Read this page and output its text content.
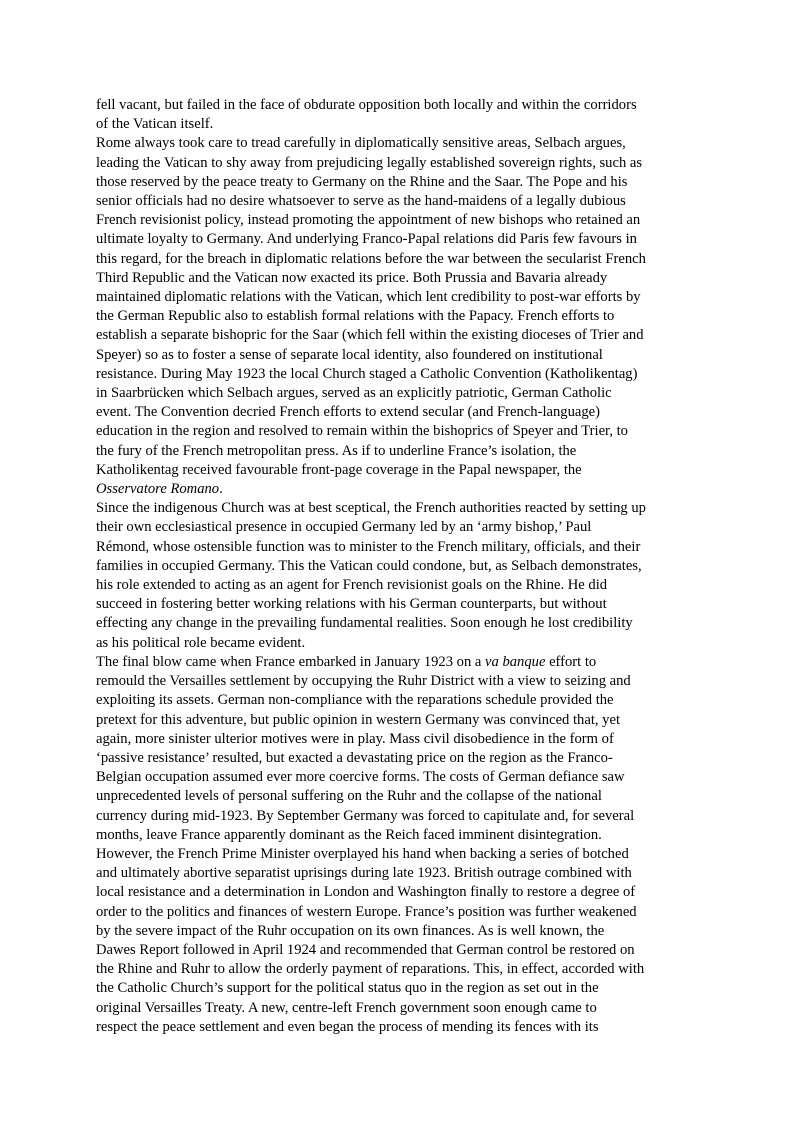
fell vacant, but failed in the face of obdurate opposition both locally and within the corridors
of the Vatican itself.
Rome always took care to tread carefully in diplomatically sensitive areas, Selbach argues,
leading the Vatican to shy away from prejudicing legally established sovereign rights, such as
those reserved by the peace treaty to Germany on the Rhine and the Saar. The Pope and his
senior officials had no desire whatsoever to serve as the hand-maidens of a legally dubious
French revisionist policy, instead promoting the appointment of new bishops who retained an
ultimate loyalty to Germany. And underlying Franco-Papal relations did Paris few favours in
this regard, for the breach in diplomatic relations before the war between the secularist French
Third Republic and the Vatican now exacted its price. Both Prussia and Bavaria already
maintained diplomatic relations with the Vatican, which lent credibility to post-war efforts by
the German Republic also to establish formal relations with the Papacy. French efforts to
establish a separate bishopric for the Saar (which fell within the existing dioceses of Trier and
Speyer) so as to foster a sense of separate local identity, also foundered on institutional
resistance. During May 1923 the local Church staged a Catholic Convention (Katholikentag)
in Saarbrücken which Selbach argues, served as an explicitly patriotic, German Catholic
event. The Convention decried French efforts to extend secular (and French-language)
education in the region and resolved to remain within the bishoprics of Speyer and Trier, to
the fury of the French metropolitan press. As if to underline France’s isolation, the
Katholikentag received favourable front-page coverage in the Papal newspaper, the
Osservatore Romano.
Since the indigenous Church was at best sceptical, the French authorities reacted by setting up
their own ecclesiastical presence in occupied Germany led by an ‘army bishop,’ Paul
Rémond, whose ostensible function was to minister to the French military, officials, and their
families in occupied Germany. This the Vatican could condone, but, as Selbach demonstrates,
his role extended to acting as an agent for French revisionist goals on the Rhine. He did
succeed in fostering better working relations with his German counterparts, but without
effecting any change in the prevailing fundamental realities. Soon enough he lost credibility
as his political role became evident.
The final blow came when France embarked in January 1923 on a va banque effort to
remould the Versailles settlement by occupying the Ruhr District with a view to seizing and
exploiting its assets. German non-compliance with the reparations schedule provided the
pretext for this adventure, but public opinion in western Germany was convinced that, yet
again, more sinister ulterior motives were in play. Mass civil disobedience in the form of
‘passive resistance’ resulted, but exacted a devastating price on the region as the Franco-
Belgian occupation assumed ever more coercive forms. The costs of German defiance saw
unprecedented levels of personal suffering on the Ruhr and the collapse of the national
currency during mid-1923. By September Germany was forced to capitulate and, for several
months, leave France apparently dominant as the Reich faced imminent disintegration.
However, the French Prime Minister overplayed his hand when backing a series of botched
and ultimately abortive separatist uprisings during late 1923. British outrage combined with
local resistance and a determination in London and Washington finally to restore a degree of
order to the politics and finances of western Europe. France’s position was further weakened
by the severe impact of the Ruhr occupation on its own finances. As is well known, the
Dawes Report followed in April 1924 and recommended that German control be restored on
the Rhine and Ruhr to allow the orderly payment of reparations. This, in effect, accorded with
the Catholic Church’s support for the political status quo in the region as set out in the
original Versailles Treaty. A new, centre-left French government soon enough came to
respect the peace settlement and even began the process of mending its fences with its
